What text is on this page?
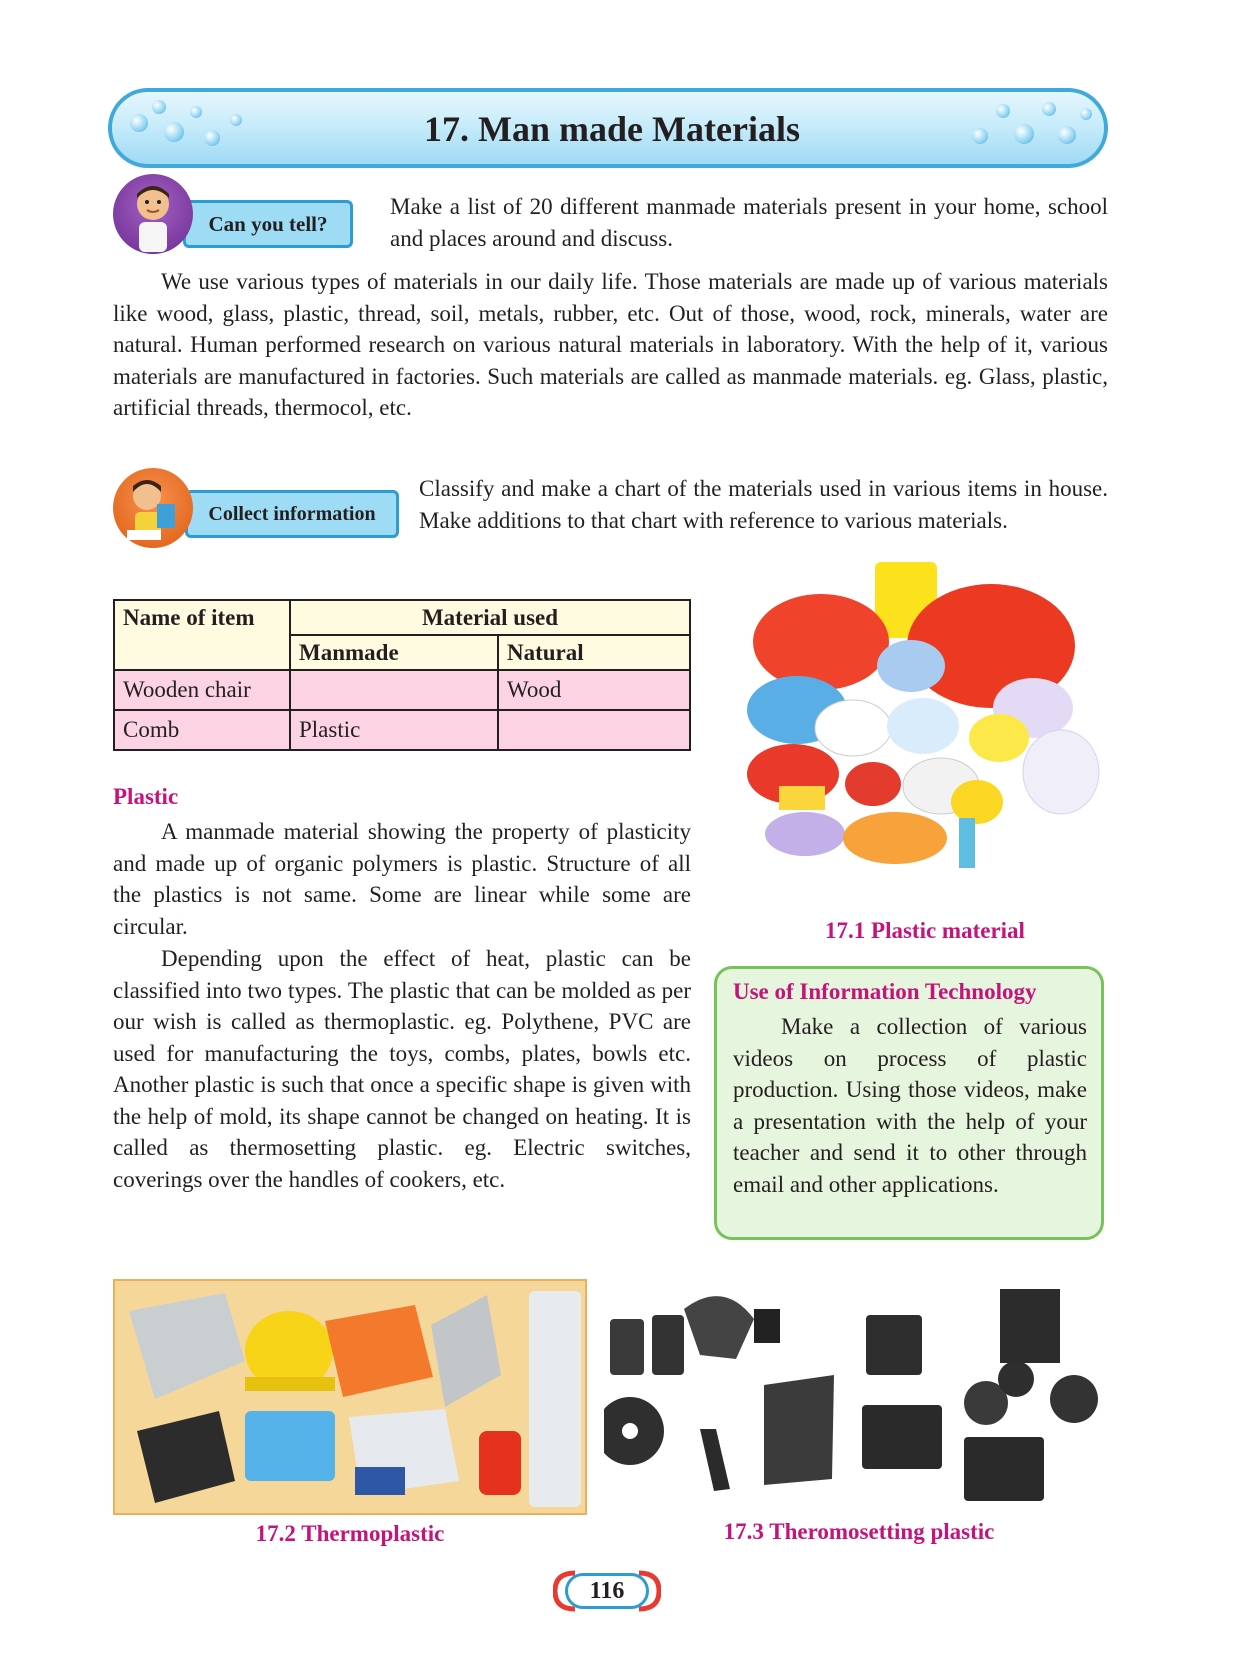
17. Man made Materials
Can you tell?
Make a list of 20 different manmade materials present in your home, school and places around and discuss.
We use various types of materials in our daily life. Those materials are made up of various materials like wood, glass, plastic, thread, soil, metals, rubber, etc. Out of those, wood, rock, minerals, water are natural. Human performed research on various natural materials in laboratory. With the help of it, various materials are manufactured in factories. Such materials are called as manmade materials. eg. Glass, plastic, artificial threads, thermocol, etc.
Collect information
Classify and make a chart of the materials used in various items in house. Make additions to that chart with reference to various materials.
Name of item	Material used	
	Manmade	Natural
Wooden chair		Wood
Comb	Plastic	
Plastic
A manmade material showing the property of plasticity and made up of organic polymers is plastic. Structure of all the plastics is not same. Some are linear while some are circular.
Depending upon the effect of heat, plastic can be classified into two types. The plastic that can be molded as per our wish is called as thermoplastic. eg. Polythene, PVC are used for manufacturing the toys, combs, plates, bowls etc. Another plastic is such that once a specific shape is given with the help of mold, its shape cannot be changed on heating. It is called as thermosetting plastic. eg. Electric switches, coverings over the handles of cookers, etc.
17.1 Plastic material
Use of Information Technology
Make a collection of various videos on process of plastic production. Using those videos, make a presentation with the help of your teacher and send it to other through email and other applications.
17.2 Thermoplastic	17.3 Theromosetting plastic
116
